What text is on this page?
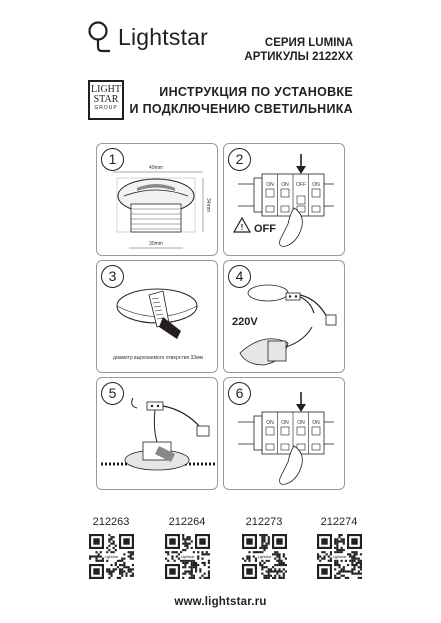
Lightstar	СЕРИЯ LUMINA
АРТИКУЛЫ 2122XX
LIGHT
STAR
GROUP
ИНСТРУКЦИЯ ПО УСТАНОВКЕ
И ПОДКЛЮЧЕНИЮ СВЕТИЛЬНИКА
49mm
34mm
30mm
1
ON ON OFF ON
! OFF
2
диаметр вырезаемого отверстия 33мм
3
220V
4
5
ON ON ON ON
6
212263
Lightstar
212264
Lightstar
212273
Lightstar
212274
Lightstar
www.lightstar.ru
